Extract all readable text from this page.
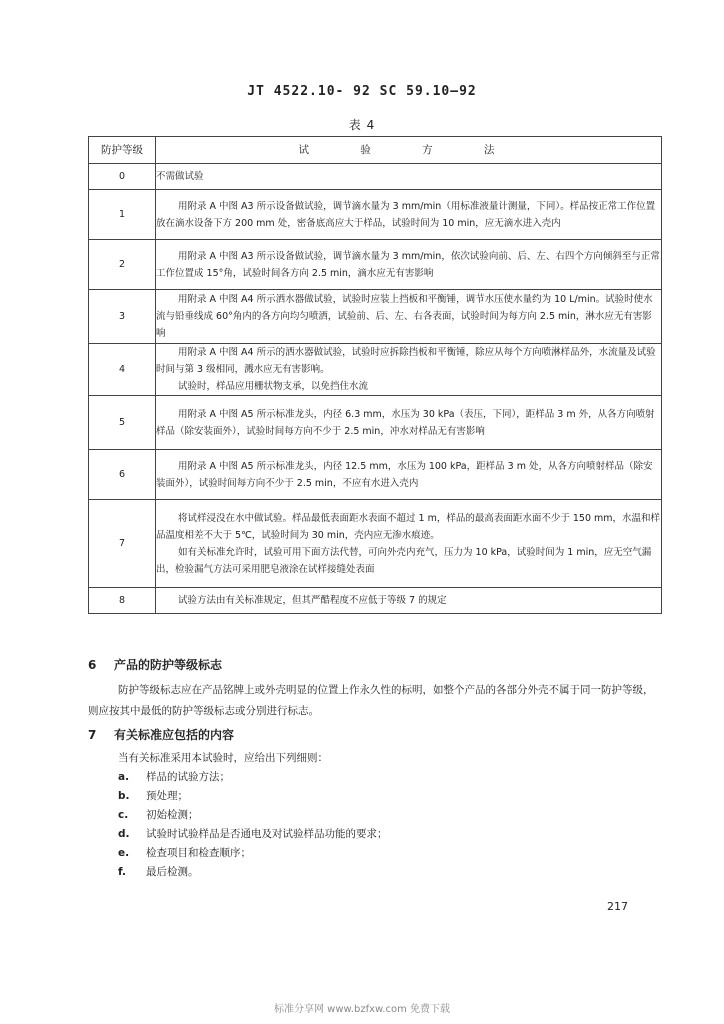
JT 4522.10- 92 SC 59.10—92
表 4
防护等级	试 验 方 法
0	不需做试验

1	用附录 A 中图 A3 所示设备做试验，调节滴水量为 3 mm/min（用标准液量计测量，下同）。样品按正常工作位置放在滴水设备下方 200 mm 处，密备底高应大于样品，试验时间为 10 min，应无滴水进入壳内

2	用附录 A 中图 A3 所示设备做试验，调节滴水量为 3 mm/min，依次试验向前、后、左、右四个方向倾斜至与正常工作位置成 15°角，试验时间各方向 2.5 min，滴水应无有害影响

3	用附录 A 中图 A4 所示洒水器做试验，试验时应装上挡板和平衡锤，调节水压使水量约为 10 L/min。试验时使水流与铅垂线成 60°角内的各方向均匀喷洒，试验前、后、左、右各表面，试验时间为每方向 2.5 min，淋水应无有害影响

4	用附录 A 中图 A4 所示的洒水器做试验，试验时应拆除挡板和平衡锤，除应从每个方向喷淋样品外，水流量及试验时间与第 3 级相同，溅水应无有害影响。

试验时，样品应用栅状物支承，以免挡住水流

5	用附录 A 中图 A5 所示标准龙头，内径 6.3 mm，水压为 30 kPa（表压，下同），距样品 3 m 外，从各方向喷射样品（除安装面外），试验时间每方向不少于 2.5 min，冲水对样品无有害影响

6	用附录 A 中图 A5 所示标准龙头，内径 12.5 mm，水压为 100 kPa，距样品 3 m 处，从各方向喷射样品（除安装面外），试验时间每方向不少于 2.5 min，不应有水进入壳内

7	将试样浸没在水中做试验。样品最低表面距水表面不超过 1 m，样品的最高表面距水面不少于 150 mm，水温和样品温度相差不大于 5℃，试验时间为 30 min，壳内应无渗水痕迹。

如有关标准允许时，试验可用下面方法代替，可向外壳内充气，压力为 10 kPa，试验时间为 1 min，应无空气漏出，检验漏气方法可采用肥皂液涂在试样接缝处表面

8	试验方法由有关标准规定，但其严酷程度不应低于等级 7 的规定

6 产品的防护等级标志
防护等级标志应在产品铭牌上或外壳明显的位置上作永久性的标明，如整个产品的各部分外壳不属于同一防护等级，则应按其中最低的防护等级标志或分别进行标志。
7 有关标准应包括的内容
当有关标准采用本试验时，应给出下列细则：
a. 样品的试验方法；
b. 预处理；
c. 初始检测；
d. 试验时试验样品是否通电及对试验样品功能的要求；
e. 检查项目和检查顺序；
f. 最后检测。
217
标准分享网 www.bzfxw.com 免费下载
